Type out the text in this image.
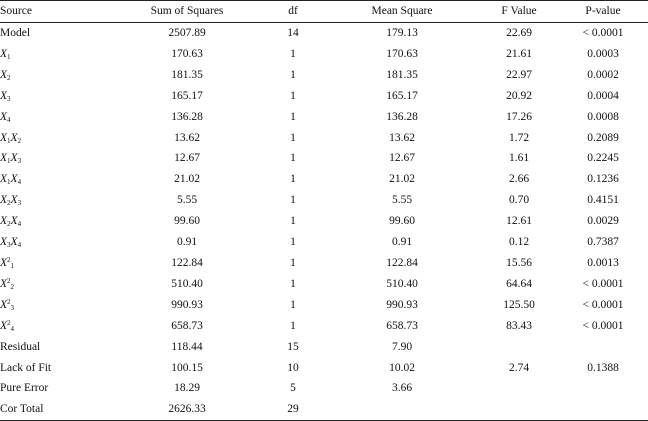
Source	Sum of Squares	df	Mean Square	F Value	P-value
Model	2507.89	14	179.13	22.69	< 0.0001
$X_1$	170.63	1	170.63	21.61	0.0003
$X_2$	181.35	1	181.35	22.97	0.0002
$X_3$	165.17	1	165.17	20.92	0.0004
$X_4$	136.28	1	136.28	17.26	0.0008
$X_1X_2$	13.62	1	13.62	1.72	0.2089
$X_1X_3$	12.67	1	12.67	1.61	0.2245
$X_1X_4$	21.02	1	21.02	2.66	0.1236
$X_2X_3$	5.55	1	5.55	0.70	0.4151
$X_2X_4$	99.60	1	99.60	12.61	0.0029
$X_3X_4$	0.91	1	0.91	0.12	0.7387
$X^2_1$	122.84	1	122.84	15.56	0.0013
$X^2_2$	510.40	1	510.40	64.64	< 0.0001
$X^2_3$	990.93	1	990.93	125.50	< 0.0001
$X^2_4$	658.73	1	658.73	83.43	< 0.0001
Residual	118.44	15	7.90		
Lack of Fit	100.15	10	10.02	2.74	0.1388
Pure Error	18.29	5	3.66		
Cor Total	2626.33	29			
